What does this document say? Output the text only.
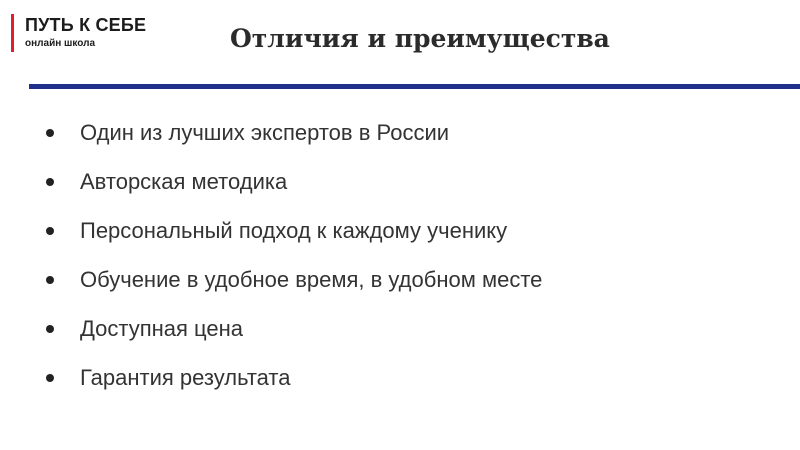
ПУТЬ К СЕБЕ
онлайн школа	Отличия и преимущества
Один из лучших экспертов в России
Авторская методика
Персональный подход к каждому ученику
Обучение в удобное время, в удобном месте
Доступная цена
Гарантия результата
